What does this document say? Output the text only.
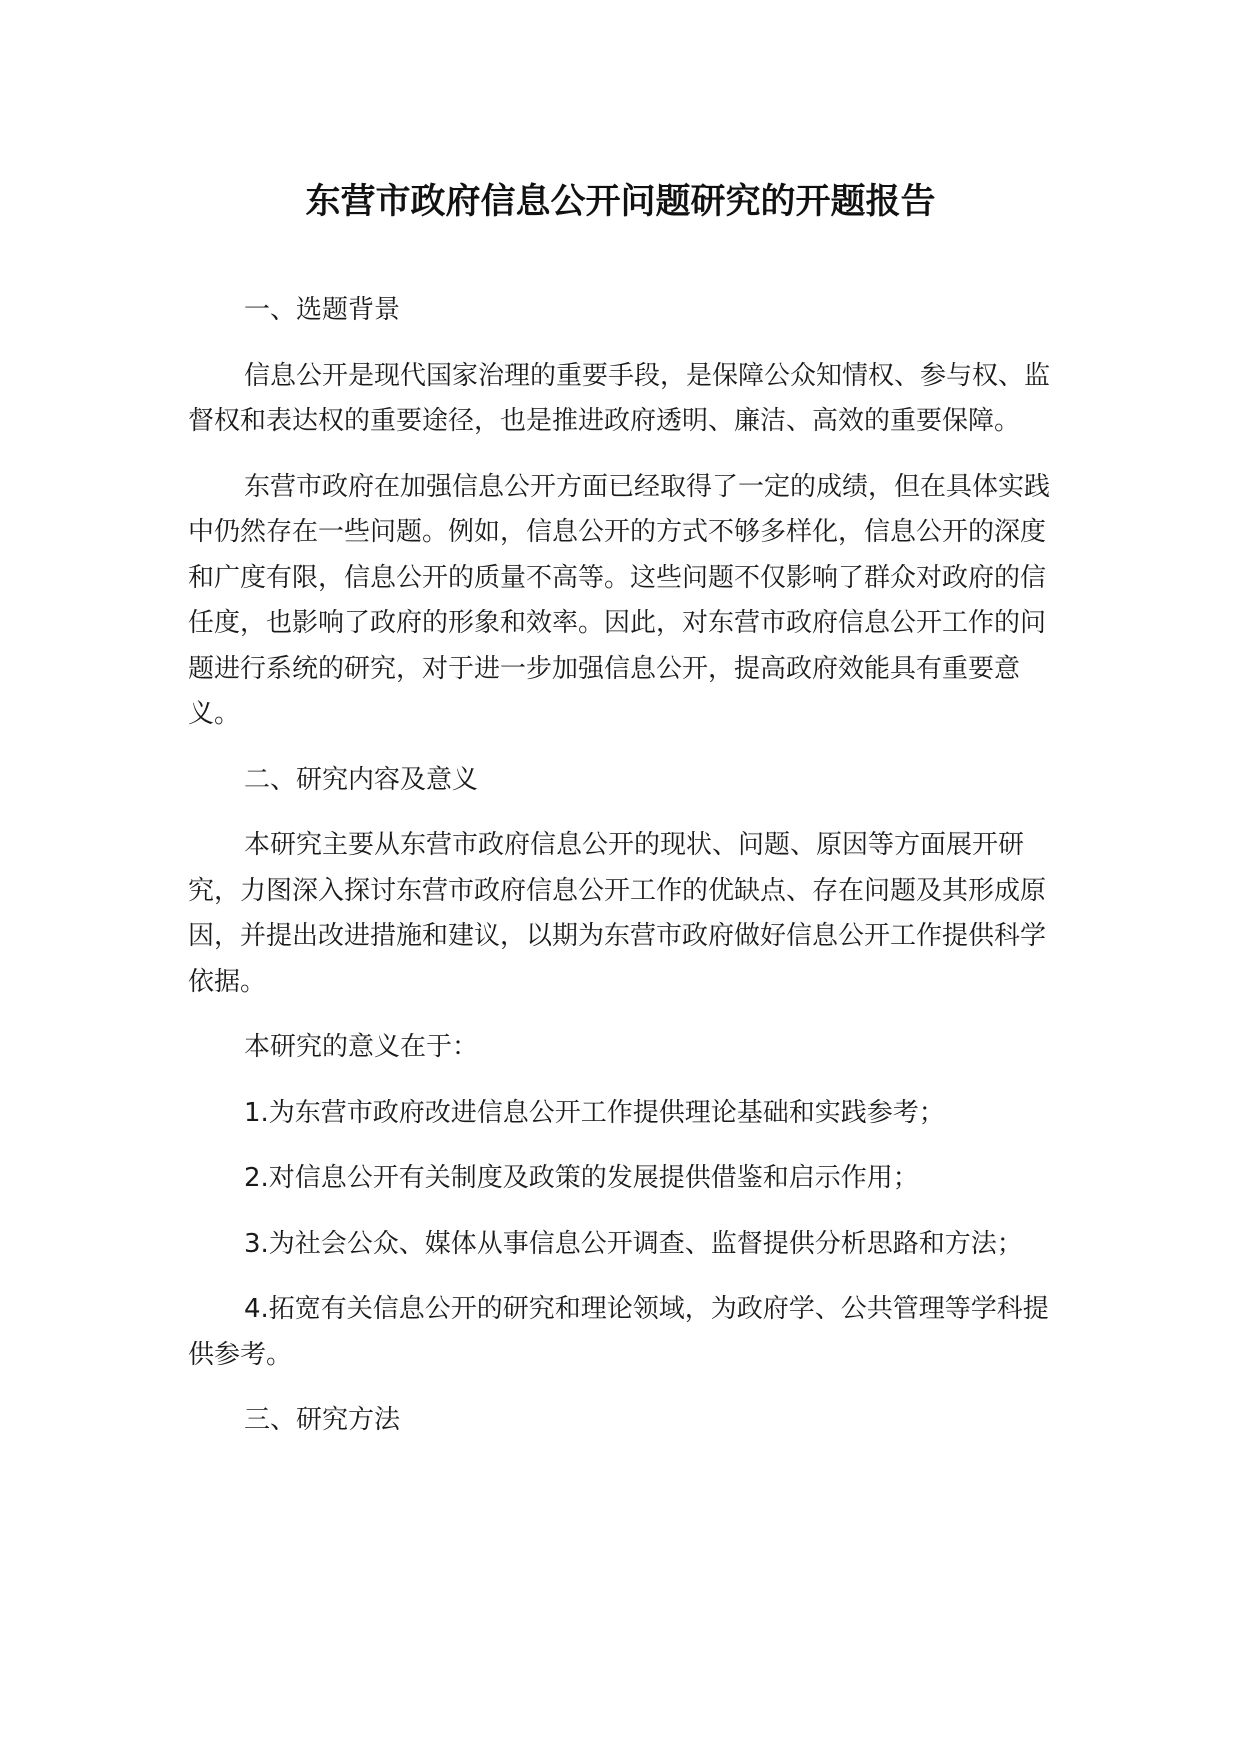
东营市政府信息公开问题研究的开题报告

一、选题背景

信息公开是现代国家治理的重要手段，是保障公众知情权、参与权、监督权和表达权的重要途径，也是推进政府透明、廉洁、高效的重要保障。

东营市政府在加强信息公开方面已经取得了一定的成绩，但在具体实践中仍然存在一些问题。例如，信息公开的方式不够多样化，信息公开的深度和广度有限，信息公开的质量不高等。这些问题不仅影响了群众对政府的信任度，也影响了政府的形象和效率。因此，对东营市政府信息公开工作的问题进行系统的研究，对于进一步加强信息公开，提高政府效能具有重要意义。

二、研究内容及意义

本研究主要从东营市政府信息公开的现状、问题、原因等方面展开研究，力图深入探讨东营市政府信息公开工作的优缺点、存在问题及其形成原因，并提出改进措施和建议，以期为东营市政府做好信息公开工作提供科学依据。

本研究的意义在于：

1.为东营市政府改进信息公开工作提供理论基础和实践参考；

2.对信息公开有关制度及政策的发展提供借鉴和启示作用；

3.为社会公众、媒体从事信息公开调查、监督提供分析思路和方法；

4.拓宽有关信息公开的研究和理论领域，为政府学、公共管理等学科提供参考。

三、研究方法
